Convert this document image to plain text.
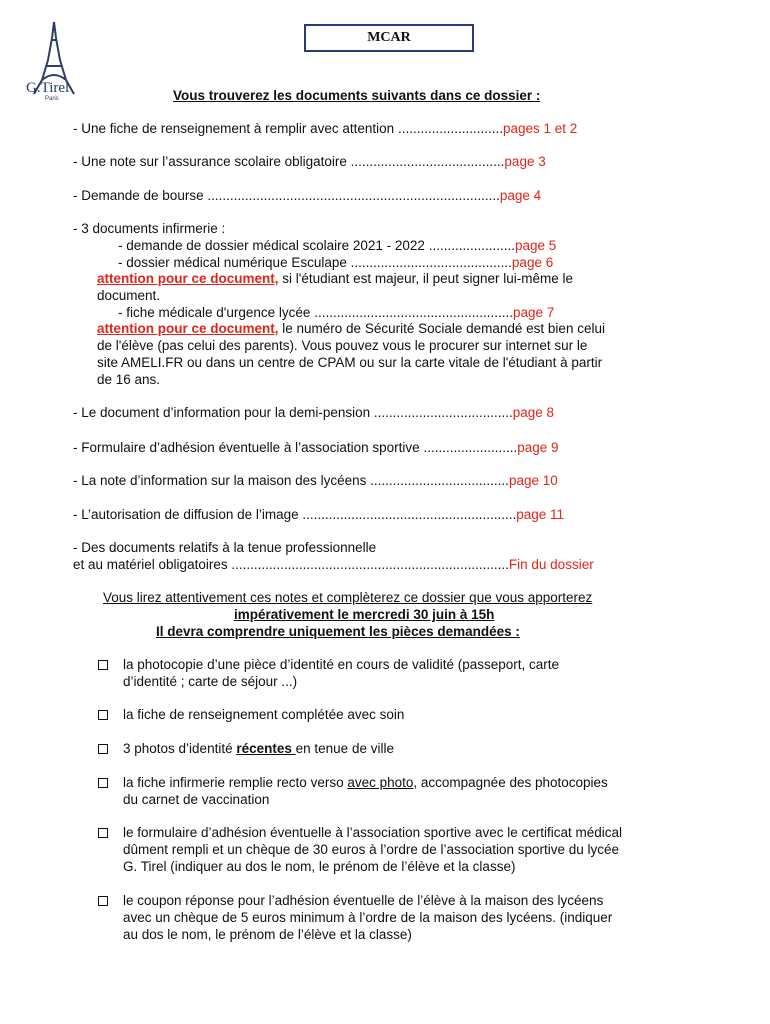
G.Tirel
Paris
MCAR
Vous trouverez les documents suivants dans ce dossier :
- Une fiche de renseignement à remplir avec attention ............................pages 1 et 2
- Une note sur l’assurance scolaire obligatoire .........................................page 3
- Demande de bourse ..............................................................................page 4
- 3 documents infirmerie :
- demande de dossier médical scolaire 2021 - 2022 .......................page 5
- dossier médical numérique Esculape ...........................................page 6
attention pour ce document, si l'étudiant est majeur, il peut signer lui-même le
document.
- fiche médicale d'urgence lycée .....................................................page 7
attention pour ce document, le numéro de Sécurité Sociale demandé est bien celui
de l'élève (pas celui des parents). Vous pouvez vous le procurer sur internet sur le
site AMELI.FR ou dans un centre de CPAM ou sur la carte vitale de l'étudiant à partir
de 16 ans.
- Le document d’information pour la demi-pension .....................................page 8
- Formulaire d’adhésion éventuelle à l’association sportive .........................page 9
- La note d’information sur la maison des lycéens .....................................page 10
- L’autorisation de diffusion de l’image .........................................................page 11
- Des documents relatifs à la tenue professionnelle
et au matériel obligatoires ..........................................................................Fin du dossier
Vous lirez attentivement ces notes et complèterez ce dossier que vous apporterez
impérativement le mercredi 30 juin à 15h
Il devra comprendre uniquement les pièces demandées :
la photocopie d’une pièce d’identité en cours de validité (passeport, carte
d’identité ; carte de séjour ...)
la fiche de renseignement complétée avec soin
3 photos d’identité récentes en tenue de ville
la fiche infirmerie remplie recto verso avec photo, accompagnée des photocopies
du carnet de vaccination
le formulaire d’adhésion éventuelle à l’association sportive avec le certificat médical
dûment rempli et un chèque de 30 euros à l’ordre de l’association sportive du lycée
G. Tirel (indiquer au dos le nom, le prénom de l’élève et la classe)
le coupon réponse pour l’adhésion éventuelle de l’élève à la maison des lycéens
avec un chèque de 5 euros minimum à l’ordre de la maison des lycéens. (indiquer
au dos le nom, le prénom de l’élève et la classe)
